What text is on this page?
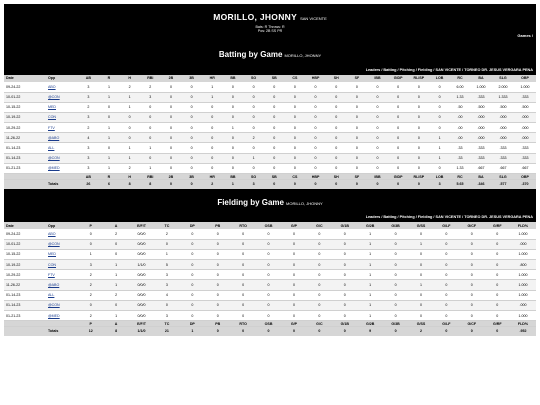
MORILLO, JHONNY SAN VICENTE
Bats: R Throws: R
Pos: 2B SS PR
Games /
Batting by Game MORILLO, JHONNY
Leaders / Batting / Pitching / Fielding / SAN VICENTE / TORNEO DR. JESUS VERGARA PENA
Date	Opp	AB	R	H	RBI	2B	3B	HR	BB	SO	SB	CS	HBP	SH	SF	IBB	GIDP	RLISP	LOB	RC	BA	SLG	OBP
09-24-22	ABO	3	1	2	2	0	0	1	0	0	0	0	0	0	0	0	0	0	0	6.00	1.000	2.000	1.000
10-01-22	@CON	3	1	1	3	0	0	1	0	0	0	0	0	0	0	0	0	0	0	1.33	.333	1.333	.333
10-15-22	MED	2	0	1	0	0	0	0	0	0	0	0	0	0	0	0	0	0	0	.50	.500	.500	.500
10-19-22	CON	3	0	0	0	0	0	0	0	0	0	0	0	0	0	0	0	0	0	.00	.000	.000	.000
10-29-22	FTV	2	1	0	0	0	0	0	1	0	0	0	0	0	0	0	0	0	0	.00	.000	.000	.000
11-26-22	@ABO	4	1	0	0	0	0	0	0	2	0	0	0	0	0	0	0	0	1	.00	.000	.000	.000
01-14-23	ALL	3	0	1	1	0	0	0	0	0	0	0	0	0	0	0	0	0	1	.33	.333	.333	.333
01-14-23	@CON	3	1	1	0	0	0	0	0	1	0	0	0	0	0	0	0	0	1	.33	.333	.333	.333
01-21-23	@MED	3	1	2	1	0	0	0	0	0	0	0	0	0	0	0	0	0	0	1.33	.667	.667	.667
		AB	R	H	RBI	2B	3B	HR	BB	SO	SB	CS	HBP	SH	SF	IBB	GIDP	RLISP	LOB	RC	BA	SLG	OBP
	Totals	26	6	8	8	0	0	2	1	3	0	0	0	0	0	0	0	0	3	5.65	.346	.577	.370
Fielding by Game MORILLO, JHONNY
Leaders / Batting / Pitching / Fielding / SAN VICENTE / TORNEO DR. JESUS VERGARA PENA
Date	Opp	P	A	E/F/T	TC	DP	PB	RTO	OSB	G/P	G/C	G/1B	G/2B	G/3B	G/SS	G/LF	G/CF	G/RF	FLD%
09-24-22	ABO	0	2	0/0/0	2	0	0	0	0	0	0	0	1	0	0	0	0	0	1.000
10-01-22	@CON	0	0	0/0/0	0	0	0	0	0	0	0	0	1	0	1	0	0	0	.000
10-15-22	MED	1	0	0/0/0	1	0	0	0	0	0	0	0	1	0	0	0	0	0	1.000
10-19-22	CON	3	1	1/1/0	5	0	0	0	0	0	0	0	1	0	0	0	0	0	.800
10-29-22	FTV	2	1	0/0/0	3	0	0	0	0	0	0	0	1	0	0	0	0	0	1.000
11-26-22	@ABO	2	1	0/0/0	3	0	0	0	0	0	0	0	1	0	1	0	0	0	1.000
01-14-23	ALL	2	2	0/0/0	4	0	0	0	0	0	0	0	1	0	0	0	0	0	1.000
01-14-23	@CON	0	0	0/0/0	0	0	0	0	0	0	0	0	1	0	0	0	0	0	.000
01-21-23	@MED	2	1	0/0/0	3	0	0	0	0	0	0	0	1	0	0	0	0	0	1.000
		P	A	E/F/T	TC	DP	PB	RTO	OSB	G/P	G/C	G/1B	G/2B	G/3B	G/SS	G/LF	G/CF	G/RF	FLD%
	Totals	12	8	1/1/0	21	1	0	0	0	0	0	0	9	0	2	0	0	0	.952
